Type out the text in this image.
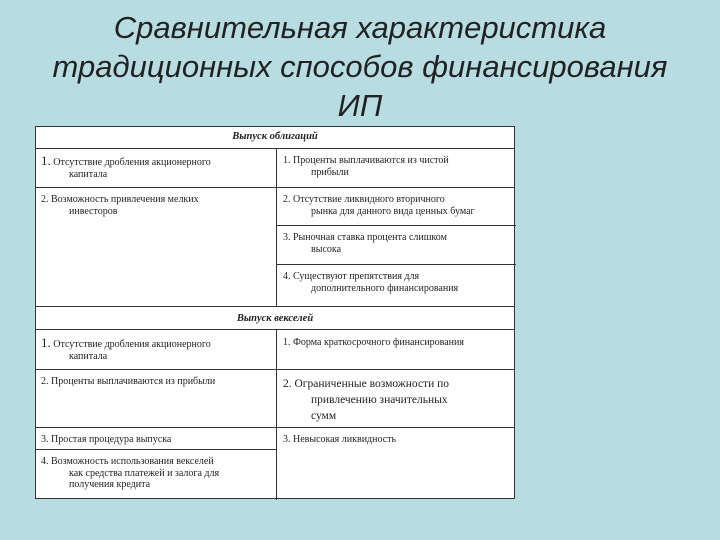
Сравнительная характеристика
традиционных способов финансирования
ИП
Выпуск облигаций
1. Отсутствие дробления акционерного
капитала
2. Возможность привлечения мелких
инвесторов
1. Проценты выплачиваются из чистой
прибыли
2. Отсутствие ликвидного вторичного
рынка для данного вида ценных бумаг
3. Рыночная ставка процента слишком
высока
4. Существуют препятствия для
дополнительного финансирования
Выпуск векселей
1. Отсутствие дробления акционерного
капитала
2. Проценты выплачиваются из прибыли
3. Простая процедура выпуска
4. Возможность использования векселей
как средства платежей и залога для
получения кредита
1. Форма краткосрочного финансирования
2. Ограниченные возможности по
привлечению значительных
сумм
3. Невысокая ликвидность
